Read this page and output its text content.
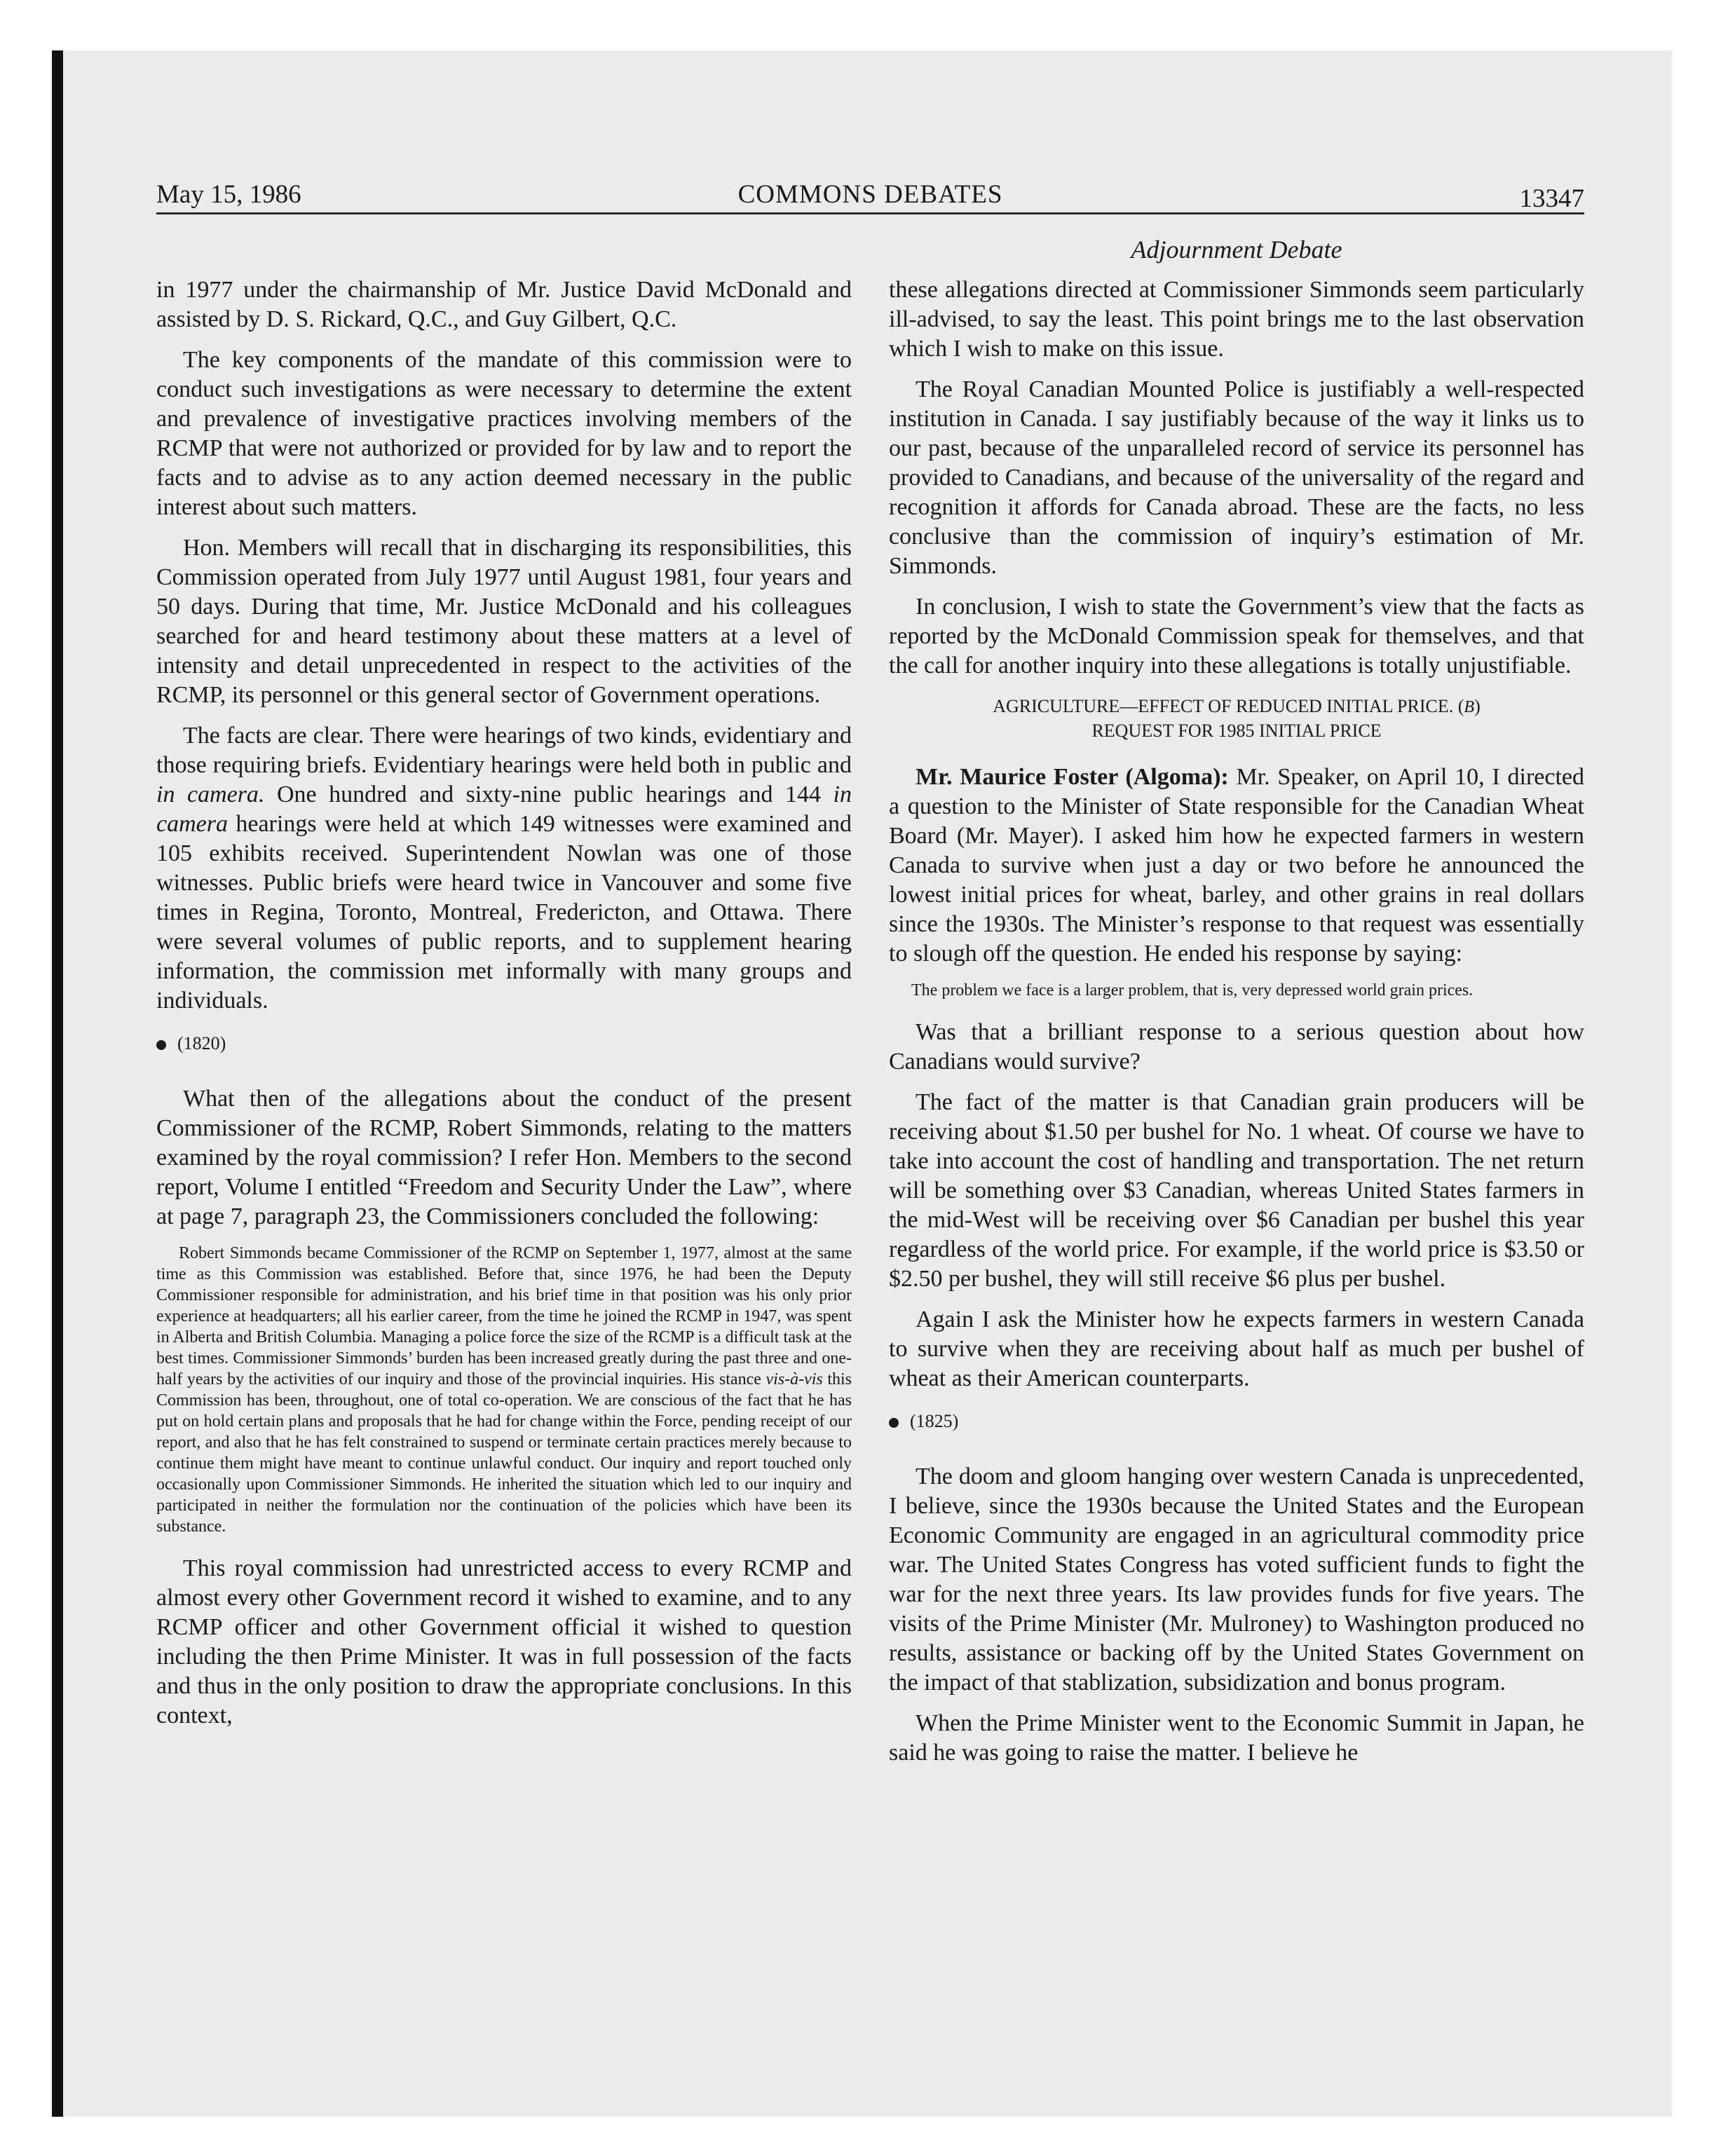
May 15, 1986	COMMONS DEBATES	13347
Adjournment Debate

in 1977 under the chairmanship of Mr. Justice David McDonald and assisted by D. S. Rickard, Q.C., and Guy Gilbert, Q.C.

The key components of the mandate of this commission were to conduct such investigations as were necessary to determine the extent and prevalence of investigative practices involving members of the RCMP that were not authorized or provided for by law and to report the facts and to advise as to any action deemed necessary in the public interest about such matters.

Hon. Members will recall that in discharging its responsibilities, this Commission operated from July 1977 until August 1981, four years and 50 days. During that time, Mr. Justice McDonald and his colleagues searched for and heard testimony about these matters at a level of intensity and detail unprecedented in respect to the activities of the RCMP, its personnel or this general sector of Government operations.

The facts are clear. There were hearings of two kinds, evidentiary and those requiring briefs. Evidentiary hearings were held both in public and in camera. One hundred and sixty-nine public hearings and 144 in camera hearings were held at which 149 witnesses were examined and 105 exhibits received. Superintendent Nowlan was one of those witnesses. Public briefs were heard twice in Vancouver and some five times in Regina, Toronto, Montreal, Fredericton, and Ottawa. There were several volumes of public reports, and to supplement hearing information, the commission met informally with many groups and individuals.

(1820)

What then of the allegations about the conduct of the present Commissioner of the RCMP, Robert Simmonds, relating to the matters examined by the royal commission? I refer Hon. Members to the second report, Volume I entitled “Freedom and Security Under the Law”, where at page 7, paragraph 23, the Commissioners concluded the following:

Robert Simmonds became Commissioner of the RCMP on September 1, 1977, almost at the same time as this Commission was established. Before that, since 1976, he had been the Deputy Commissioner responsible for administration, and his brief time in that position was his only prior experience at headquarters; all his earlier career, from the time he joined the RCMP in 1947, was spent in Alberta and British Columbia. Managing a police force the size of the RCMP is a difficult task at the best times. Commissioner Simmonds’ burden has been increased greatly during the past three and one-half years by the activities of our inquiry and those of the provincial inquiries. His stance vis-à-vis this Commission has been, throughout, one of total co-operation. We are conscious of the fact that he has put on hold certain plans and proposals that he had for change within the Force, pending receipt of our report, and also that he has felt constrained to suspend or terminate certain practices merely because to continue them might have meant to continue unlawful conduct. Our inquiry and report touched only occasionally upon Commissioner Simmonds. He inherited the situation which led to our inquiry and participated in neither the formulation nor the continuation of the policies which have been its substance.

This royal commission had unrestricted access to every RCMP and almost every other Government record it wished to examine, and to any RCMP officer and other Government official it wished to question including the then Prime Minister. It was in full possession of the facts and thus in the only position to draw the appropriate conclusions. In this context,

these allegations directed at Commissioner Simmonds seem particularly ill-advised, to say the least. This point brings me to the last observation which I wish to make on this issue.

The Royal Canadian Mounted Police is justifiably a well-respected institution in Canada. I say justifiably because of the way it links us to our past, because of the unparalleled record of service its personnel has provided to Canadians, and because of the universality of the regard and recognition it affords for Canada abroad. These are the facts, no less conclusive than the commission of inquiry’s estimation of Mr. Simmonds.

In conclusion, I wish to state the Government’s view that the facts as reported by the McDonald Commission speak for themselves, and that the call for another inquiry into these allegations is totally unjustifiable.

AGRICULTURE—EFFECT OF REDUCED INITIAL PRICE. (B)
REQUEST FOR 1985 INITIAL PRICE

Mr. Maurice Foster (Algoma): Mr. Speaker, on April 10, I directed a question to the Minister of State responsible for the Canadian Wheat Board (Mr. Mayer). I asked him how he expected farmers in western Canada to survive when just a day or two before he announced the lowest initial prices for wheat, barley, and other grains in real dollars since the 1930s. The Minister’s response to that request was essentially to slough off the question. He ended his response by saying:

The problem we face is a larger problem, that is, very depressed world grain prices.

Was that a brilliant response to a serious question about how Canadians would survive?

The fact of the matter is that Canadian grain producers will be receiving about $1.50 per bushel for No. 1 wheat. Of course we have to take into account the cost of handling and transportation. The net return will be something over $3 Canadian, whereas United States farmers in the mid-West will be receiving over $6 Canadian per bushel this year regardless of the world price. For example, if the world price is $3.50 or $2.50 per bushel, they will still receive $6 plus per bushel.

Again I ask the Minister how he expects farmers in western Canada to survive when they are receiving about half as much per bushel of wheat as their American counterparts.

(1825)

The doom and gloom hanging over western Canada is unprecedented, I believe, since the 1930s because the United States and the European Economic Community are engaged in an agricultural commodity price war. The United States Congress has voted sufficient funds to fight the war for the next three years. Its law provides funds for five years. The visits of the Prime Minister (Mr. Mulroney) to Washington produced no results, assistance or backing off by the United States Government on the impact of that stablization, subsidization and bonus program.

When the Prime Minister went to the Economic Summit in Japan, he said he was going to raise the matter. I believe he
